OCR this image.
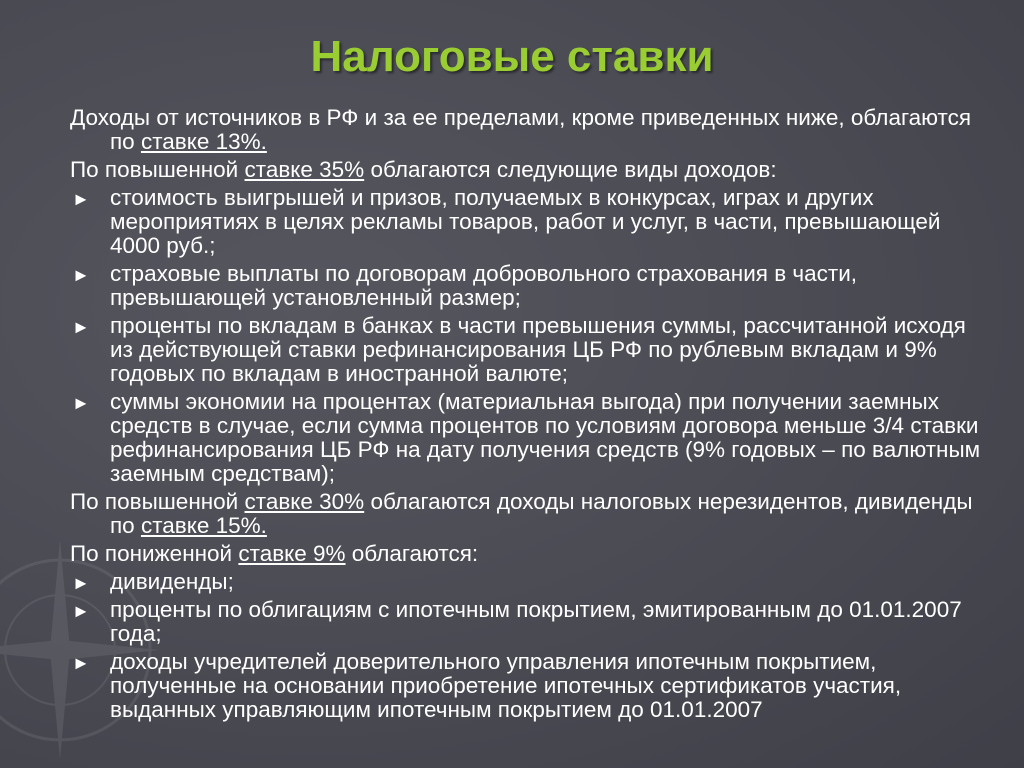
Налоговые ставки
Доходы от источников в РФ и за ее пределами, кроме приведенных ниже, облагаются по ставке 13%.
По повышенной ставке 35% облагаются следующие виды доходов:
► стоимость выигрышей и призов, получаемых в конкурсах, играх и других мероприятиях в целях рекламы товаров, работ и услуг, в части, превышающей 4000 руб.;
► страховые выплаты по договорам добровольного страхования в части, превышающей установленный размер;
► проценты по вкладам в банках в части превышения суммы, рассчитанной исходя из действующей ставки рефинансирования ЦБ РФ по рублевым вкладам и 9% годовых по вкладам в иностранной валюте;
► суммы экономии на процентах (материальная выгода) при получении заемных средств в случае, если сумма процентов по условиям договора меньше 3/4 ставки рефинансирования ЦБ РФ на дату получения средств (9% годовых – по валютным заемным средствам);
По повышенной ставке 30% облагаются доходы налоговых нерезидентов, дивиденды по ставке 15%.
По пониженной ставке 9% облагаются:
► дивиденды;
► проценты по облигациям с ипотечным покрытием, эмитированным до 01.01.2007 года;
► доходы учредителей доверительного управления ипотечным покрытием, полученные на основании приобретение ипотечных сертификатов участия, выданных управляющим ипотечным покрытием до 01.01.2007
